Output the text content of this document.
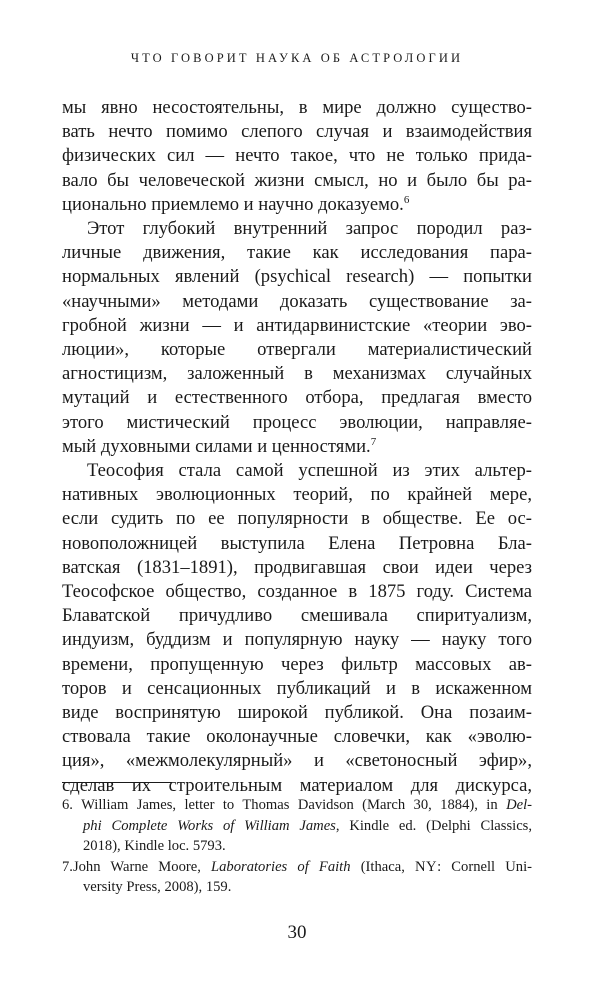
ЧТО ГОВОРИТ НАУКА ОБ АСТРОЛОГИИ

мы явно несостоятельны, в мире должно существо-
вать нечто помимо слепого случая и взаимодействия
физических сил — нечто такое, что не только прида-
вало бы человеческой жизни смысл, но и было бы ра-
ционально приемлемо и научно доказуемо.$^6$

Этот глубокий внутренний запрос породил раз-
личные движения, такие как исследования пара-
нормальных явлений (psychical research) — попытки
«научными» методами доказать существование за-
гробной жизни — и антидарвинистские «теории эво-
люции», которые отвергали материалистический
агностицизм, заложенный в механизмах случайных
мутаций и естественного отбора, предлагая вместо
этого мистический процесс эволюции, направляе-
мый духовными силами и ценностями.$^7$

Теософия стала самой успешной из этих альтер-
нативных эволюционных теорий, по крайней мере,
если судить по ее популярности в обществе. Ее ос-
новоположницей выступила Елена Петровна Бла-
ватская (1831–1891), продвигавшая свои идеи через
Теософское общество, созданное в 1875 году. Система
Блаватской причудливо смешивала спиритуализм,
индуизм, буддизм и популярную науку — науку того
времени, пропущенную через фильтр массовых ав-
торов и сенсационных публикаций и в искаженном
виде воспринятую широкой публикой. Она позаим-
ствовала такие околонаучные словечки, как «эволю-
ция», «межмолекулярный» и «светоносный эфир»,
сделав их строительным материалом для дискурса,

6. William James, letter to Thomas Davidson (March 30, 1884), in Del-
phi Complete Works of William James, Kindle ed. (Delphi Classics,
2018), Kindle loc. 5793.
7.John Warne Moore, Laboratories of Faith (Ithaca, NY: Cornell Uni-
versity Press, 2008), 159.
30
